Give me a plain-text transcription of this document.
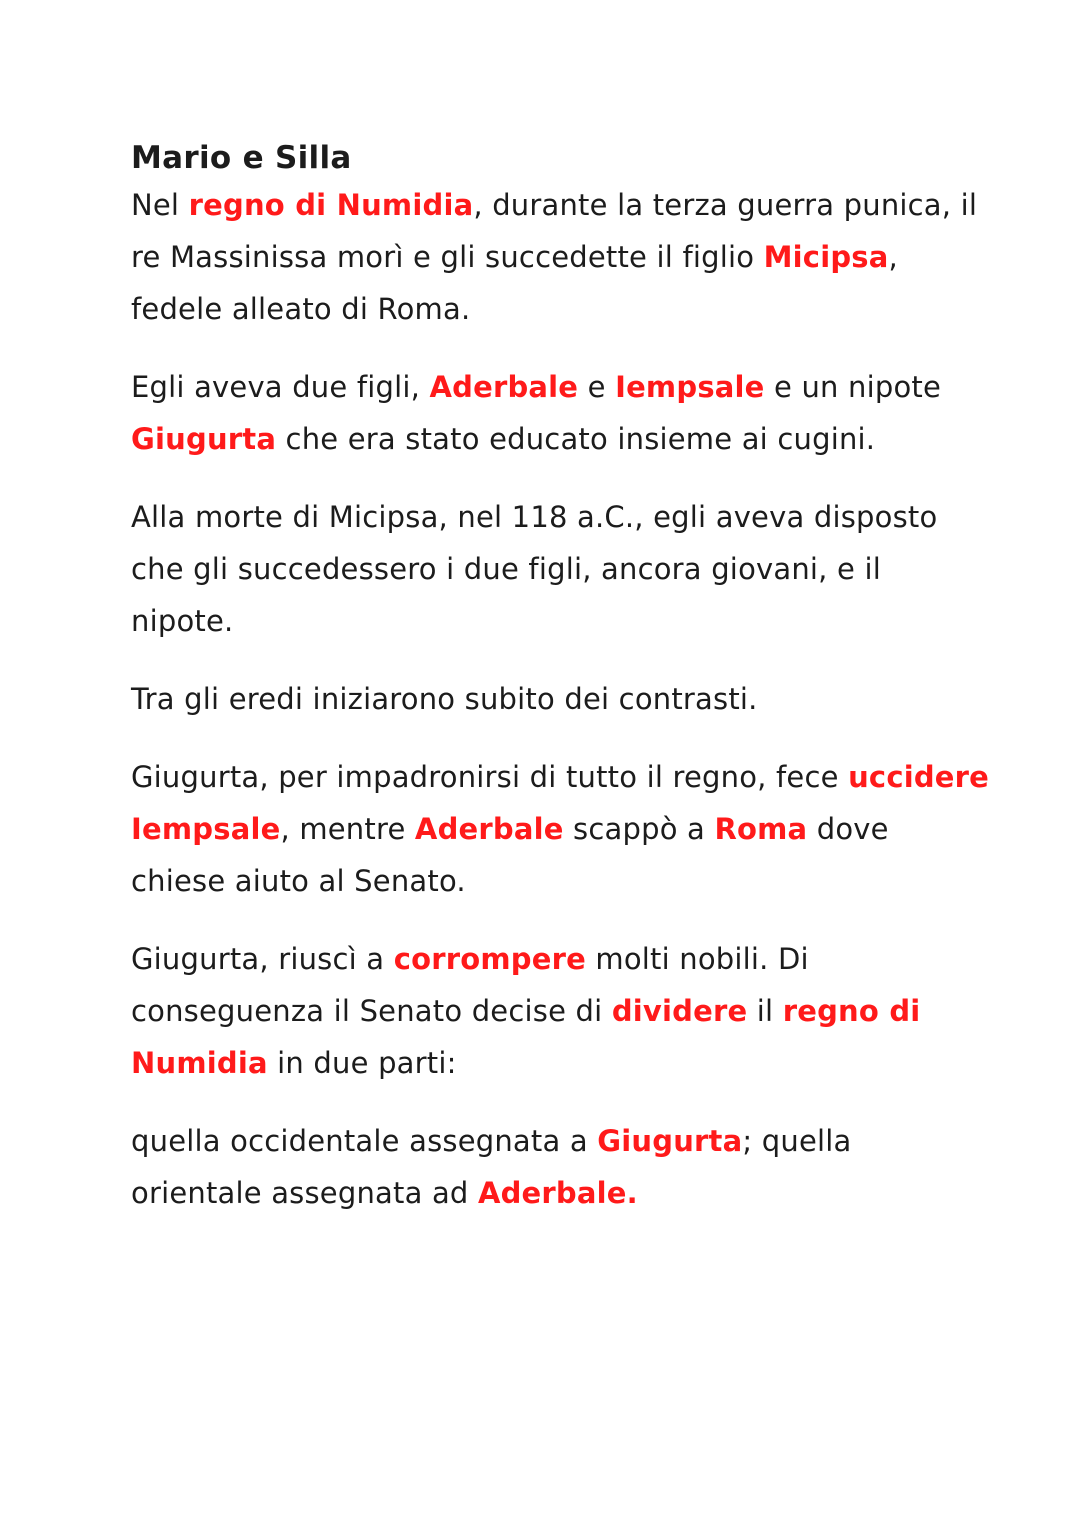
Mario e Silla

Nel regno di Numidia, durante la terza guerra punica, il re Massinissa morì e gli succedette il figlio Micipsa, fedele alleato di Roma.

Egli aveva due figli, Aderbale e Iempsale e un nipote Giugurta che era stato educato insieme ai cugini.

Alla morte di Micipsa, nel 118 a.C., egli aveva disposto che gli succedessero i due figli, ancora giovani, e il nipote.

Tra gli eredi iniziarono subito dei contrasti.

Giugurta, per impadronirsi di tutto il regno, fece uccidere Iempsale, mentre Aderbale scappò a Roma dove chiese aiuto al Senato.

Giugurta, riuscì a corrompere molti nobili. Di conseguenza il Senato decise di dividere il regno di Numidia in due parti:

quella occidentale assegnata a Giugurta; quella orientale assegnata ad Aderbale.
